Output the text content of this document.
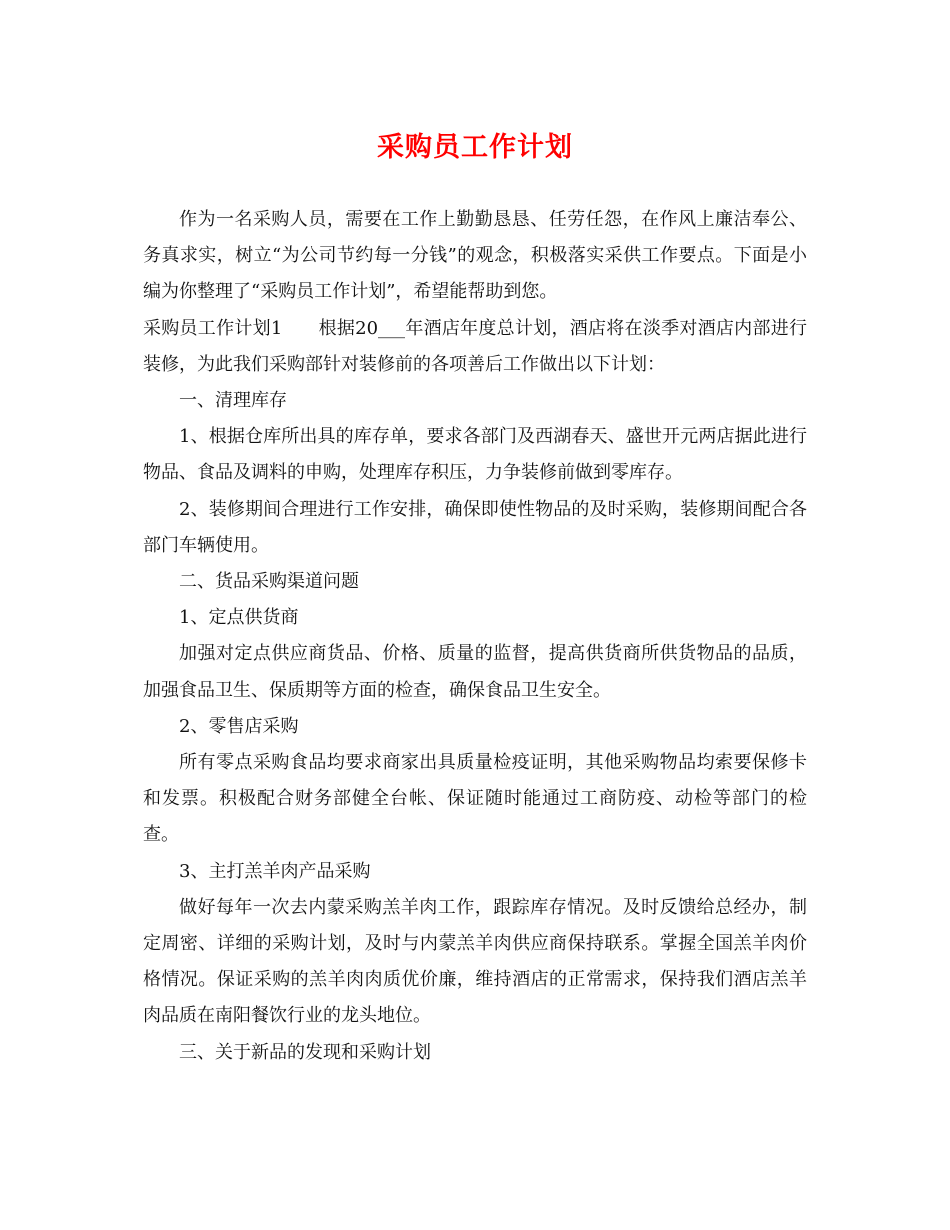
采购员工作计划

作为一名采购人员，需要在工作上勤勤恳恳、任劳任怨，在作风上廉洁奉公、务真求实，树立“为公司节约每一分钱”的观念，积极落实采供工作要点。下面是小编为你整理了“采购员工作计划”，希望能帮助到您。

采购员工作计划1 根据20___年酒店年度总计划，酒店将在淡季对酒店内部进行装修，为此我们采购部针对装修前的各项善后工作做出以下计划：

一、清理库存

1、根据仓库所出具的库存单，要求各部门及西湖春天、盛世开元两店据此进行物品、食品及调料的申购，处理库存积压，力争装修前做到零库存。

2、装修期间合理进行工作安排，确保即使性物品的及时采购，装修期间配合各部门车辆使用。

二、货品采购渠道问题

1、定点供货商

加强对定点供应商货品、价格、质量的监督，提高供货商所供货物品的品质，加强食品卫生、保质期等方面的检查，确保食品卫生安全。

2、零售店采购

所有零点采购食品均要求商家出具质量检疫证明，其他采购物品均索要保修卡和发票。积极配合财务部健全台帐、保证随时能通过工商防疫、动检等部门的检查。

3、主打羔羊肉产品采购

做好每年一次去内蒙采购羔羊肉工作，跟踪库存情况。及时反馈给总经办，制定周密、详细的采购计划，及时与内蒙羔羊肉供应商保持联系。掌握全国羔羊肉价格情况。保证采购的羔羊肉肉质优价廉，维持酒店的正常需求，保持我们酒店羔羊肉品质在南阳餐饮行业的龙头地位。

三、关于新品的发现和采购计划
